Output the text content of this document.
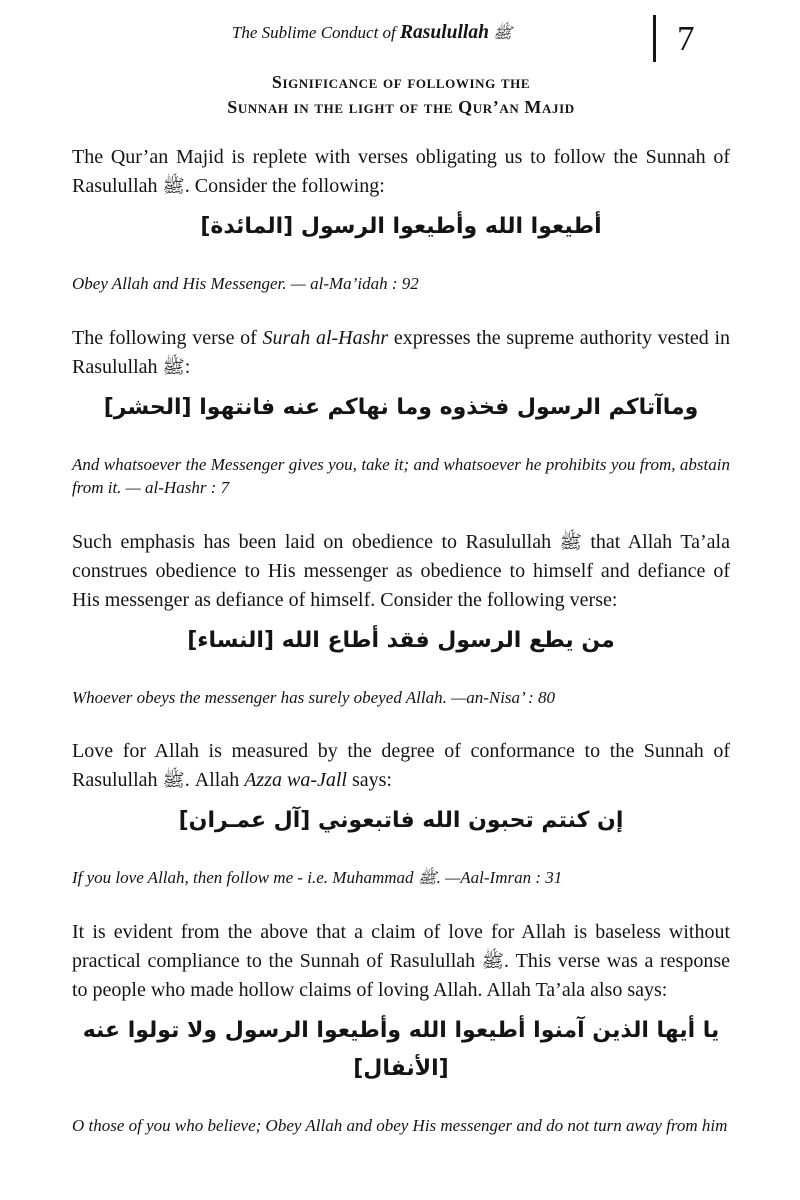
The Sublime Conduct of Rasulullah ﷺ	7
Significance of following the
Sunnah in the light of the Qur’an Majid

The Qur’an Majid is replete with verses obligating us to follow the Sunnah of Rasulullah ﷺ. Consider the following:

أطيعوا الله وأطيعوا الرسول [المائدة]

Obey Allah and His Messenger. — al-Ma’idah : 92

The following verse of Surah al-Hashr expresses the supreme authority vested in Rasulullah ﷺ:

وماآتاكم الرسول فخذوه وما نهاكم عنه فانتهوا [الحشر]

And whatsoever the Messenger gives you, take it; and whatsoever he prohibits you from, abstain from it. — al-Hashr : 7

Such emphasis has been laid on obedience to Rasulullah ﷺ that Allah Ta’ala construes obedience to His messenger as obedience to himself and defiance of His messenger as defiance of himself. Consider the following verse:

من يطع الرسول فقد أطاع الله [النساء]

Whoever obeys the messenger has surely obeyed Allah. —an-Nisa’ : 80

Love for Allah is measured by the degree of conformance to the Sunnah of Rasulullah ﷺ. Allah Azza wa-Jall says:

إن كنتم تحبون الله فاتبعوني [آل عمـران]

If you love Allah, then follow me - i.e. Muhammad ﷺ. —Aal-Imran : 31

It is evident from the above that a claim of love for Allah is baseless without practical compliance to the Sunnah of Rasulullah ﷺ. This verse was a response to people who made hollow claims of loving Allah. Allah Ta’ala also says:

يا أيها الذين آمنوا أطيعوا الله وأطيعوا الرسول ولا تولوا عنه [الأنفال]

O those of you who believe; Obey Allah and obey His messenger and do not turn away from him
